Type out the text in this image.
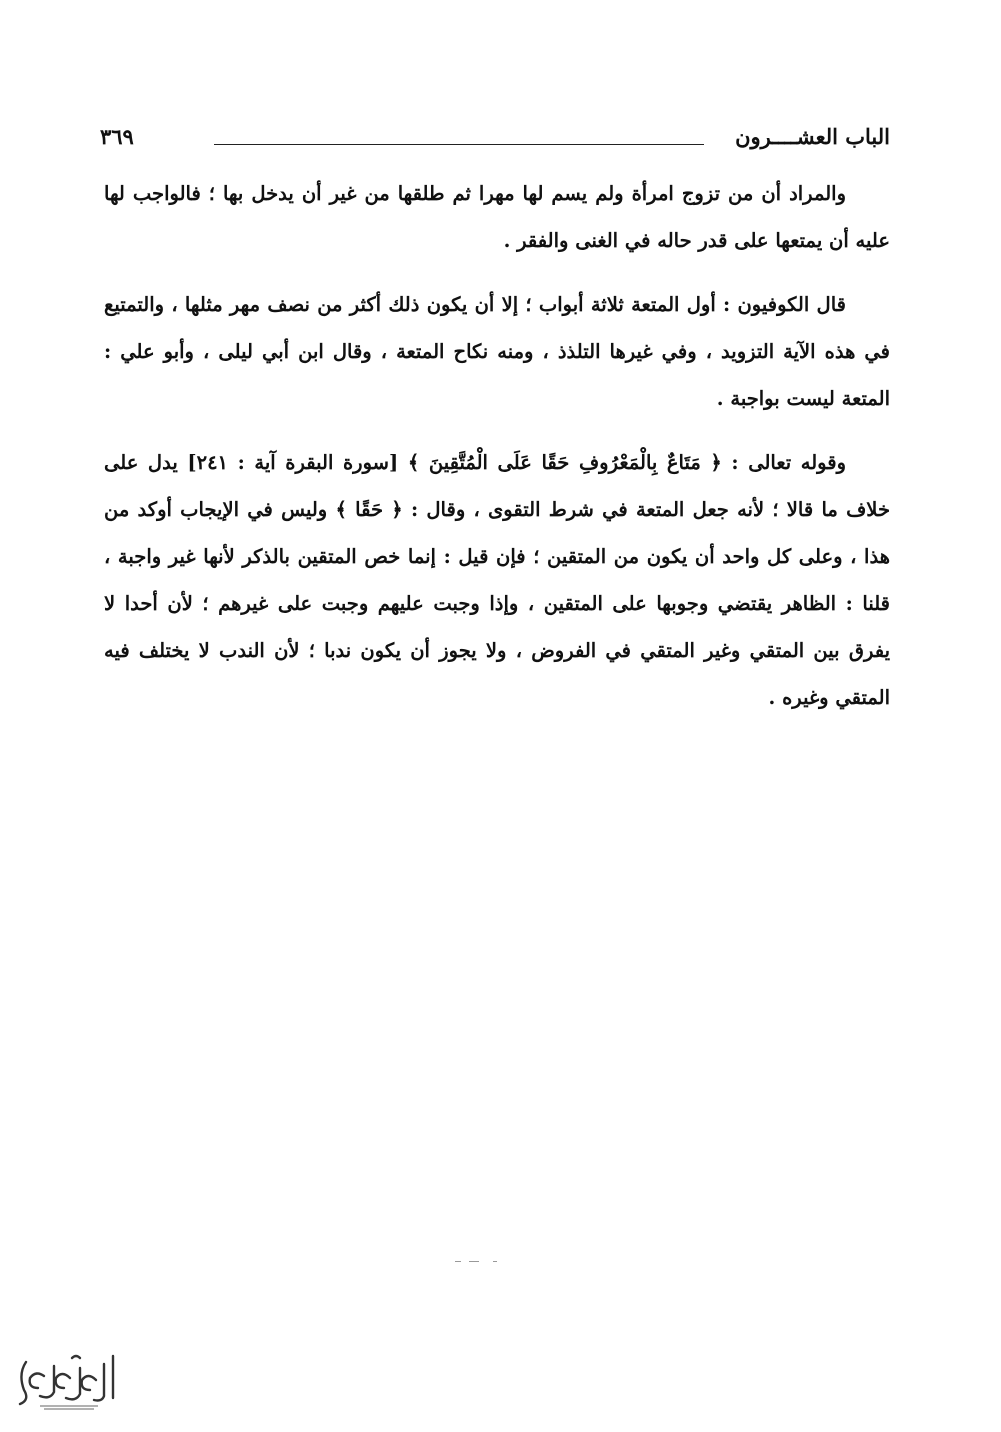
الباب العشــــرون
٣٦٩

والمراد أن من تزوج امرأة ولم يسم لها مهرا ثم طلقها من غير أن يدخل بها ؛ فالواجب لها عليه أن يمتعها على قدر حاله في الغنى والفقر .

قال الكوفيون : أول المتعة ثلاثة أبواب ؛ إلا أن يكون ذلك أكثر من نصف مهر مثلها ، والتمتيع في هذه الآية التزويد ، وفي غيرها التلذذ ، ومنه نكاح المتعة ، وقال ابن أبي ليلى ، وأبو علي : المتعة ليست بواجبة .

وقوله تعالى : ﴿ مَتَاعٌ بِالْمَعْرُوفِ حَقًا عَلَى الْمُتَّقِينَ ﴾ [سورة البقرة آية : ٢٤١] يدل على خلاف ما قالا ؛ لأنه جعل المتعة في شرط التقوى ، وقال : ﴿ حَقًا ﴾ وليس في الإيجاب أوكد من هذا ، وعلى كل واحد أن يكون من المتقين ؛ فإن قيل : إنما خص المتقين بالذكر لأنها غير واجبة ، قلنا : الظاهر يقتضي وجوبها على المتقين ، وإذا وجبت عليهم وجبت على غيرهم ؛ لأن أحدا لا يفرق بين المتقي وغير المتقي في الفروض ، ولا يجوز أن يكون ندبا ؛ لأن الندب لا يختلف فيه المتقي وغيره .
